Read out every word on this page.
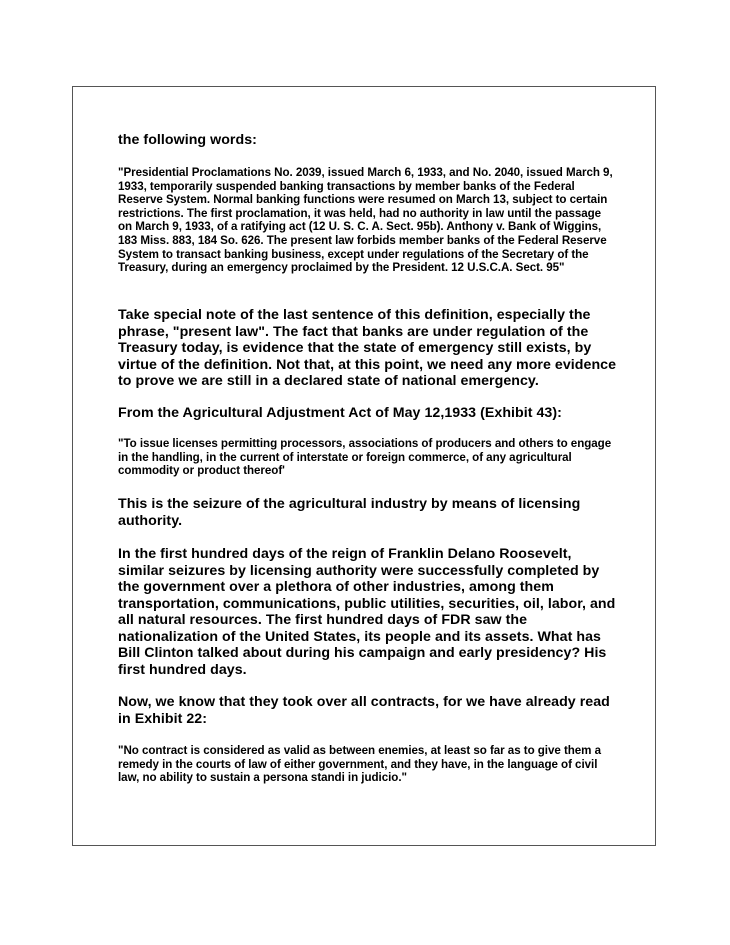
the following words:

"Presidential Proclamations No. 2039, issued March 6, 1933, and No. 2040, issued March 9, 1933, temporarily suspended banking transactions by member banks of the Federal Reserve System. Normal banking functions were resumed on March 13, subject to certain restrictions. The first proclamation, it was held, had no authority in law until the passage on March 9, 1933, of a ratifying act (12 U. S. C. A. Sect. 95b). Anthony v. Bank of Wiggins, 183 Miss. 883, 184 So. 626. The present law forbids member banks of the Federal Reserve System to transact banking business, except under regulations of the Secretary of the Treasury, during an emergency proclaimed by the President. 12 U.S.C.A. Sect. 95"

Take special note of the last sentence of this definition, especially the phrase, "present law". The fact that banks are under regulation of the Treasury today, is evidence that the state of emergency still exists, by virtue of the definition. Not that, at this point, we need any more evidence to prove we are still in a declared state of national emergency.

From the Agricultural Adjustment Act of May 12,1933 (Exhibit 43):

"To issue licenses permitting processors, associations of producers and others to engage in the handling, in the current of interstate or foreign commerce, of any agricultural commodity or product thereof'

This is the seizure of the agricultural industry by means of licensing authority.

In the first hundred days of the reign of Franklin Delano Roosevelt, similar seizures by licensing authority were successfully completed by the government over a plethora of other industries, among them transportation, communications, public utilities, securities, oil, labor, and all natural resources. The first hundred days of FDR saw the nationalization of the United States, its people and its assets. What has Bill Clinton talked about during his campaign and early presidency? His first hundred days.

Now, we know that they took over all contracts, for we have already read in Exhibit 22:

"No contract is considered as valid as between enemies, at least so far as to give them a remedy in the courts of law of either government, and they have, in the language of civil law, no ability to sustain a persona standi in judicio."
